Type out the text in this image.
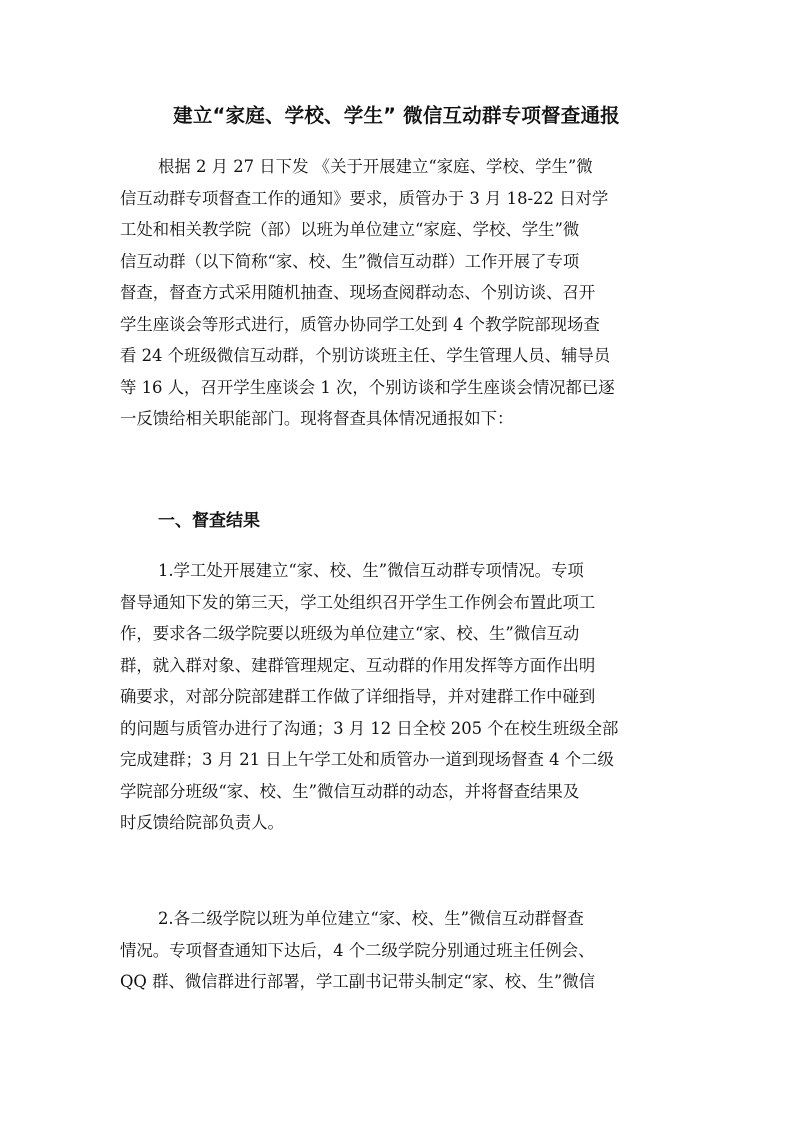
建立“家庭、学校、学生” 微信互动群专项督查通报
根据 2 月 27 日下发 《关于开展建立“家庭、学校、学生”微
信互动群专项督查工作的通知》要求，质管办于 3 月 18-22 日对学
工处和相关教学院（部）以班为单位建立“家庭、学校、学生”微
信互动群（以下简称“家、校、生”微信互动群）工作开展了专项
督查，督查方式采用随机抽查、现场查阅群动态、个别访谈、召开
学生座谈会等形式进行，质管办协同学工处到 4 个教学院部现场查
看 24 个班级微信互动群，个别访谈班主任、学生管理人员、辅导员
等 16 人，召开学生座谈会 1 次，个别访谈和学生座谈会情况都已逐
一反馈给相关职能部门。现将督查具体情况通报如下：
一、督查结果
1.学工处开展建立“家、校、生”微信互动群专项情况。专项
督导通知下发的第三天，学工处组织召开学生工作例会布置此项工
作，要求各二级学院要以班级为单位建立“家、校、生”微信互动
群，就入群对象、建群管理规定、互动群的作用发挥等方面作出明
确要求，对部分院部建群工作做了详细指导，并对建群工作中碰到
的问题与质管办进行了沟通；3 月 12 日全校 205 个在校生班级全部
完成建群；3 月 21 日上午学工处和质管办一道到现场督查 4 个二级
学院部分班级“家、校、生”微信互动群的动态，并将督查结果及
时反馈给院部负责人。
2.各二级学院以班为单位建立“家、校、生”微信互动群督查
情况。专项督查通知下达后，4 个二级学院分别通过班主任例会、
QQ 群、微信群进行部署，学工副书记带头制定“家、校、生”微信
